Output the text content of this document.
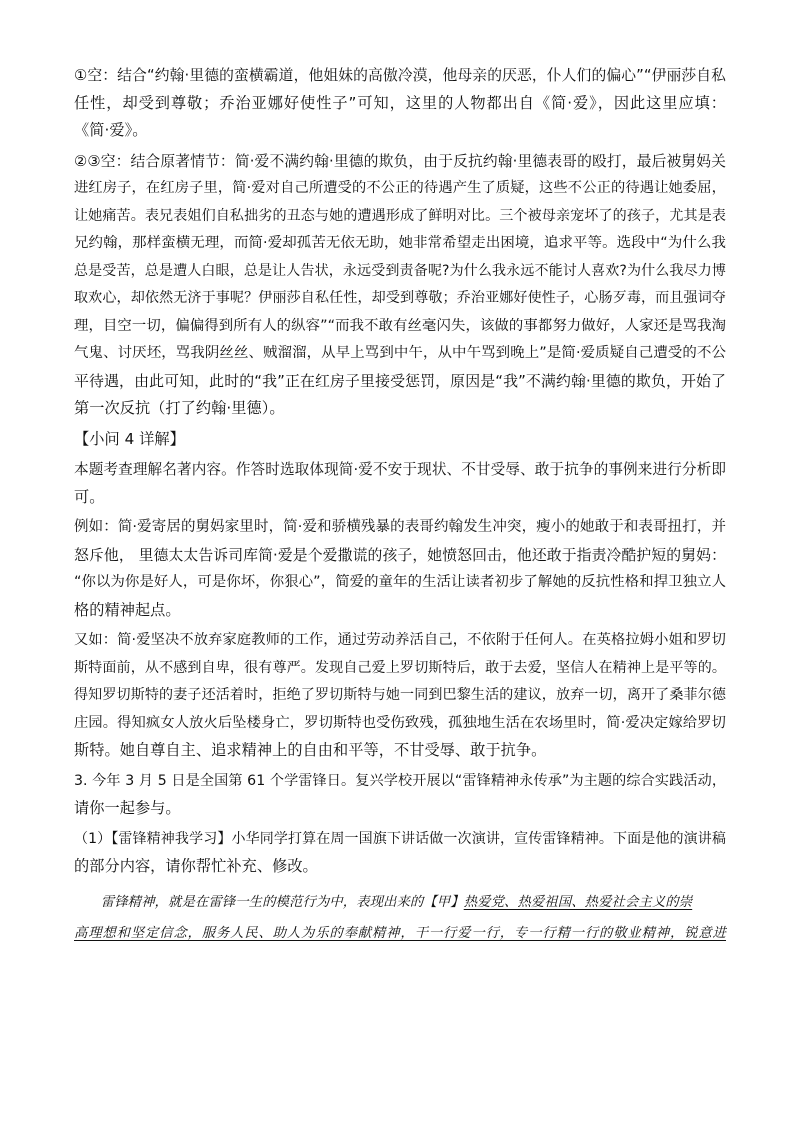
①空：结合“约翰·里德的蛮横霸道，他姐妹的高傲冷漠，他母亲的厌恶，仆人们的偏心”“伊丽莎自私
任性，却受到尊敬；乔治亚娜好使性子”可知，这里的人物都出自《简·爱》，因此这里应填：
《简·爱》。
②③空：结合原著情节：简·爱不满约翰·里德的欺负，由于反抗约翰·里德表哥的殴打，最后被舅妈关
进红房子，在红房子里，简·爱对自己所遭受的不公正的待遇产生了质疑，这些不公正的待遇让她委屈，
让她痛苦。表兄表姐们自私拙劣的丑态与她的遭遇形成了鲜明对比。三个被母亲宠坏了的孩子，尤其是表
兄约翰，那样蛮横无理，而简·爱却孤苦无依无助，她非常希望走出困境，追求平等。选段中“为什么我
总是受苦，总是遭人白眼，总是让人告状，永远受到责备呢?为什么我永远不能讨人喜欢?为什么我尽力博
取欢心，却依然无济于事呢？伊丽莎自私任性，却受到尊敬；乔治亚娜好使性子，心肠歹毒，而且强词夺
理，目空一切，偏偏得到所有人的纵容”“而我不敢有丝毫闪失，该做的事都努力做好，人家还是骂我淘
气鬼、讨厌坯，骂我阴丝丝、贼溜溜，从早上骂到中午，从中午骂到晚上”是简·爱质疑自己遭受的不公
平待遇，由此可知，此时的“我”正在红房子里接受惩罚，原因是“我”不满约翰·里德的欺负，开始了
第一次反抗（打了约翰·里德）。
【小问 4 详解】
本题考查理解名著内容。作答时选取体现简·爱不安于现状、不甘受辱、敢于抗争的事例来进行分析即
可。
例如：简·爱寄居的舅妈家里时，简·爱和骄横残暴的表哥约翰发生冲突，瘦小的她敢于和表哥扭打，并
怒斥他， 里德太太告诉司库简·爱是个爱撒谎的孩子，她愤怒回击，他还敢于指责冷酷护短的舅妈：
“你以为你是好人，可是你坏，你狠心”，简爱的童年的生活让读者初步了解她的反抗性格和捍卫独立人
格的精神起点。
又如：简·爱坚决不放弃家庭教师的工作，通过劳动养活自己，不依附于任何人。在英格拉姆小姐和罗切
斯特面前，从不感到自卑，很有尊严。发现自己爱上罗切斯特后，敢于去爱，坚信人在精神上是平等的。
得知罗切斯特的妻子还活着时，拒绝了罗切斯特与她一同到巴黎生活的建议，放弃一切，离开了桑菲尔德
庄园。得知疯女人放火后坠楼身亡，罗切斯特也受伤致残，孤独地生活在农场里时，简·爱决定嫁给罗切
斯特。她自尊自主、追求精神上的自由和平等，不甘受辱、敢于抗争。
3. 今年 3 月 5 日是全国第 61 个学雷锋日。复兴学校开展以“雷锋精神永传承”为主题的综合实践活动，
请你一起参与。
（1）【雷锋精神我学习】小华同学打算在周一国旗下讲话做一次演讲，宣传雷锋精神。下面是他的演讲稿
的部分内容，请你帮忙补充、修改。
雷锋精神，就是在雷锋一生的模范行为中，表现出来的【甲】热爱党、热爱祖国、热爱社会主义的崇
高理想和坚定信念，服务人民、助人为乐的奉献精神，干一行爱一行，专一行精一行的敬业精神，锐意进
